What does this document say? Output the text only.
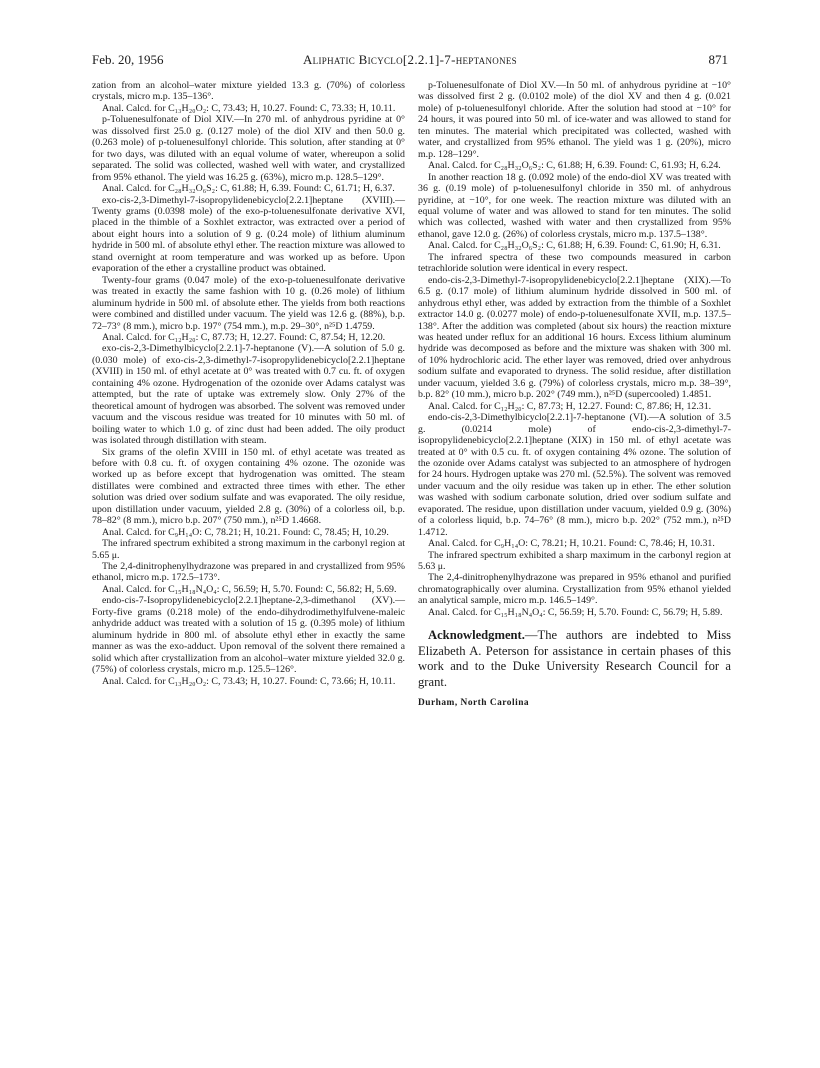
Feb. 20, 1956	Aliphatic Bicyclo[2.2.1]-7-heptanones	871

zation from an alcohol–water mixture yielded 13.3 g. (70%) of colorless crystals, micro m.p. 135–136°.

Anal. Calcd. for C₁₃H₂₀O₂: C, 73.43; H, 10.27. Found: C, 73.33; H, 10.11.

p-Toluenesulfonate of Diol XIV.—In 270 ml. of anhydrous pyridine at 0° was dissolved first 25.0 g. (0.127 mole) of the diol XIV and then 50.0 g. (0.263 mole) of p-toluenesulfonyl chloride. This solution, after standing at 0° for two days, was diluted with an equal volume of water, whereupon a solid separated. The solid was collected, washed well with water, and crystallized from 95% ethanol. The yield was 16.25 g. (63%), micro m.p. 128.5–129°.

Anal. Calcd. for C₂₈H₃₂O₆S₂: C, 61.88; H, 6.39. Found: C, 61.71; H, 6.37.

exo-cis-2,3-Dimethyl-7-isopropylidenebicyclo[2.2.1]heptane (XVIII).—Twenty grams (0.0398 mole) of the exo-p-toluenesulfonate derivative XVI, placed in the thimble of a Soxhlet extractor, was extracted over a period of about eight hours into a solution of 9 g. (0.24 mole) of lithium aluminum hydride in 500 ml. of absolute ethyl ether. The reaction mixture was allowed to stand overnight at room temperature and was worked up as before. Upon evaporation of the ether a crystalline product was obtained.

Twenty-four grams (0.047 mole) of the exo-p-toluenesulfonate derivative was treated in exactly the same fashion with 10 g. (0.26 mole) of lithium aluminum hydride in 500 ml. of absolute ether. The yields from both reactions were combined and distilled under vacuum. The yield was 12.6 g. (88%), b.p. 72–73° (8 mm.), micro b.p. 197° (754 mm.), m.p. 29–30°, n²⁵D 1.4759.

Anal. Calcd. for C₁₂H₂₀: C, 87.73; H, 12.27. Found: C, 87.54; H, 12.20.

exo-cis-2,3-Dimethylbicyclo[2.2.1]-7-heptanone (V).—A solution of 5.0 g. (0.030 mole) of exo-cis-2,3-dimethyl-7-isopropylidenebicyclo[2.2.1]heptane (XVIII) in 150 ml. of ethyl acetate at 0° was treated with 0.7 cu. ft. of oxygen containing 4% ozone. Hydrogenation of the ozonide over Adams catalyst was attempted, but the rate of uptake was extremely slow. Only 27% of the theoretical amount of hydrogen was absorbed. The solvent was removed under vacuum and the viscous residue was treated for 10 minutes with 50 ml. of boiling water to which 1.0 g. of zinc dust had been added. The oily product was isolated through distillation with steam.

Six grams of the olefin XVIII in 150 ml. of ethyl acetate was treated as before with 0.8 cu. ft. of oxygen containing 4% ozone. The ozonide was worked up as before except that hydrogenation was omitted. The steam distillates were combined and extracted three times with ether. The ether solution was dried over sodium sulfate and was evaporated. The oily residue, upon distillation under vacuum, yielded 2.8 g. (30%) of a colorless oil, b.p. 78–82° (8 mm.), micro b.p. 207° (750 mm.), n²⁵D 1.4668.

Anal. Calcd. for C₉H₁₄O: C, 78.21; H, 10.21. Found: C, 78.45; H, 10.29.

The infrared spectrum exhibited a strong maximum in the carbonyl region at 5.65 μ.

The 2,4-dinitrophenylhydrazone was prepared in and crystallized from 95% ethanol, micro m.p. 172.5–173°.

Anal. Calcd. for C₁₅H₁₈N₄O₄: C, 56.59; H, 5.70. Found: C, 56.82; H, 5.69.

endo-cis-7-Isopropylidenebicyclo[2.2.1]heptane-2,3-dimethanol (XV).—Forty-five grams (0.218 mole) of the endo-dihydrodimethylfulvene-maleic anhydride adduct was treated with a solution of 15 g. (0.395 mole) of lithium aluminum hydride in 800 ml. of absolute ethyl ether in exactly the same manner as was the exo-adduct. Upon removal of the solvent there remained a solid which after crystallization from an alcohol–water mixture yielded 32.0 g. (75%) of colorless crystals, micro m.p. 125.5–126°.

Anal. Calcd. for C₁₃H₂₀O₂: C, 73.43; H, 10.27. Found: C, 73.66; H, 10.11.

p-Toluenesulfonate of Diol XV.—In 50 ml. of anhydrous pyridine at −10° was dissolved first 2 g. (0.0102 mole) of the diol XV and then 4 g. (0.021 mole) of p-toluenesulfonyl chloride. After the solution had stood at −10° for 24 hours, it was poured into 50 ml. of ice-water and was allowed to stand for ten minutes. The material which precipitated was collected, washed with water, and crystallized from 95% ethanol. The yield was 1 g. (20%), micro m.p. 128–129°.

Anal. Calcd. for C₂₈H₃₂O₆S₂: C, 61.88; H, 6.39. Found: C, 61.93; H, 6.24.

In another reaction 18 g. (0.092 mole) of the endo-diol XV was treated with 36 g. (0.19 mole) of p-toluenesulfonyl chloride in 350 ml. of anhydrous pyridine, at −10°, for one week. The reaction mixture was diluted with an equal volume of water and was allowed to stand for ten minutes. The solid which was collected, washed with water and then crystallized from 95% ethanol, gave 12.0 g. (26%) of colorless crystals, micro m.p. 137.5–138°.

Anal. Calcd. for C₂₈H₃₂O₆S₂: C, 61.88; H, 6.39. Found: C, 61.90; H, 6.31.

The infrared spectra of these two compounds measured in carbon tetrachloride solution were identical in every respect.

endo-cis-2,3-Dimethyl-7-isopropylidenebicyclo[2.2.1]heptane (XIX).—To 6.5 g. (0.17 mole) of lithium aluminum hydride dissolved in 500 ml. of anhydrous ethyl ether, was added by extraction from the thimble of a Soxhlet extractor 14.0 g. (0.0277 mole) of endo-p-toluenesulfonate XVII, m.p. 137.5–138°. After the addition was completed (about six hours) the reaction mixture was heated under reflux for an additional 16 hours. Excess lithium aluminum hydride was decomposed as before and the mixture was shaken with 300 ml. of 10% hydrochloric acid. The ether layer was removed, dried over anhydrous sodium sulfate and evaporated to dryness. The solid residue, after distillation under vacuum, yielded 3.6 g. (79%) of colorless crystals, micro m.p. 38–39°, b.p. 82° (10 mm.), micro b.p. 202° (749 mm.), n²⁵D (supercooled) 1.4851.

Anal. Calcd. for C₁₂H₂₀: C, 87.73; H, 12.27. Found: C, 87.86; H, 12.31.

endo-cis-2,3-Dimethylbicyclo[2.2.1]-7-heptanone (VI).—A solution of 3.5 g. (0.0214 mole) of endo-cis-2,3-dimethyl-7-isopropylidenebicyclo[2.2.1]heptane (XIX) in 150 ml. of ethyl acetate was treated at 0° with 0.5 cu. ft. of oxygen containing 4% ozone. The solution of the ozonide over Adams catalyst was subjected to an atmosphere of hydrogen for 24 hours. Hydrogen uptake was 270 ml. (52.5%). The solvent was removed under vacuum and the oily residue was taken up in ether. The ether solution was washed with sodium carbonate solution, dried over sodium sulfate and evaporated. The residue, upon distillation under vacuum, yielded 0.9 g. (30%) of a colorless liquid, b.p. 74–76° (8 mm.), micro b.p. 202° (752 mm.), n²⁵D 1.4712.

Anal. Calcd. for C₉H₁₄O: C, 78.21; H, 10.21. Found: C, 78.46; H, 10.31.

The infrared spectrum exhibited a sharp maximum in the carbonyl region at 5.63 μ.

The 2,4-dinitrophenylhydrazone was prepared in 95% ethanol and purified chromatographically over alumina. Crystallization from 95% ethanol yielded an analytical sample, micro m.p. 146.5–149°.

Anal. Calcd. for C₁₅H₁₈N₄O₄: C, 56.59; H, 5.70. Found: C, 56.79; H, 5.89.

Acknowledgment.—The authors are indebted to Miss Elizabeth A. Peterson for assistance in certain phases of this work and to the Duke University Research Council for a grant.

Durham, North Carolina
